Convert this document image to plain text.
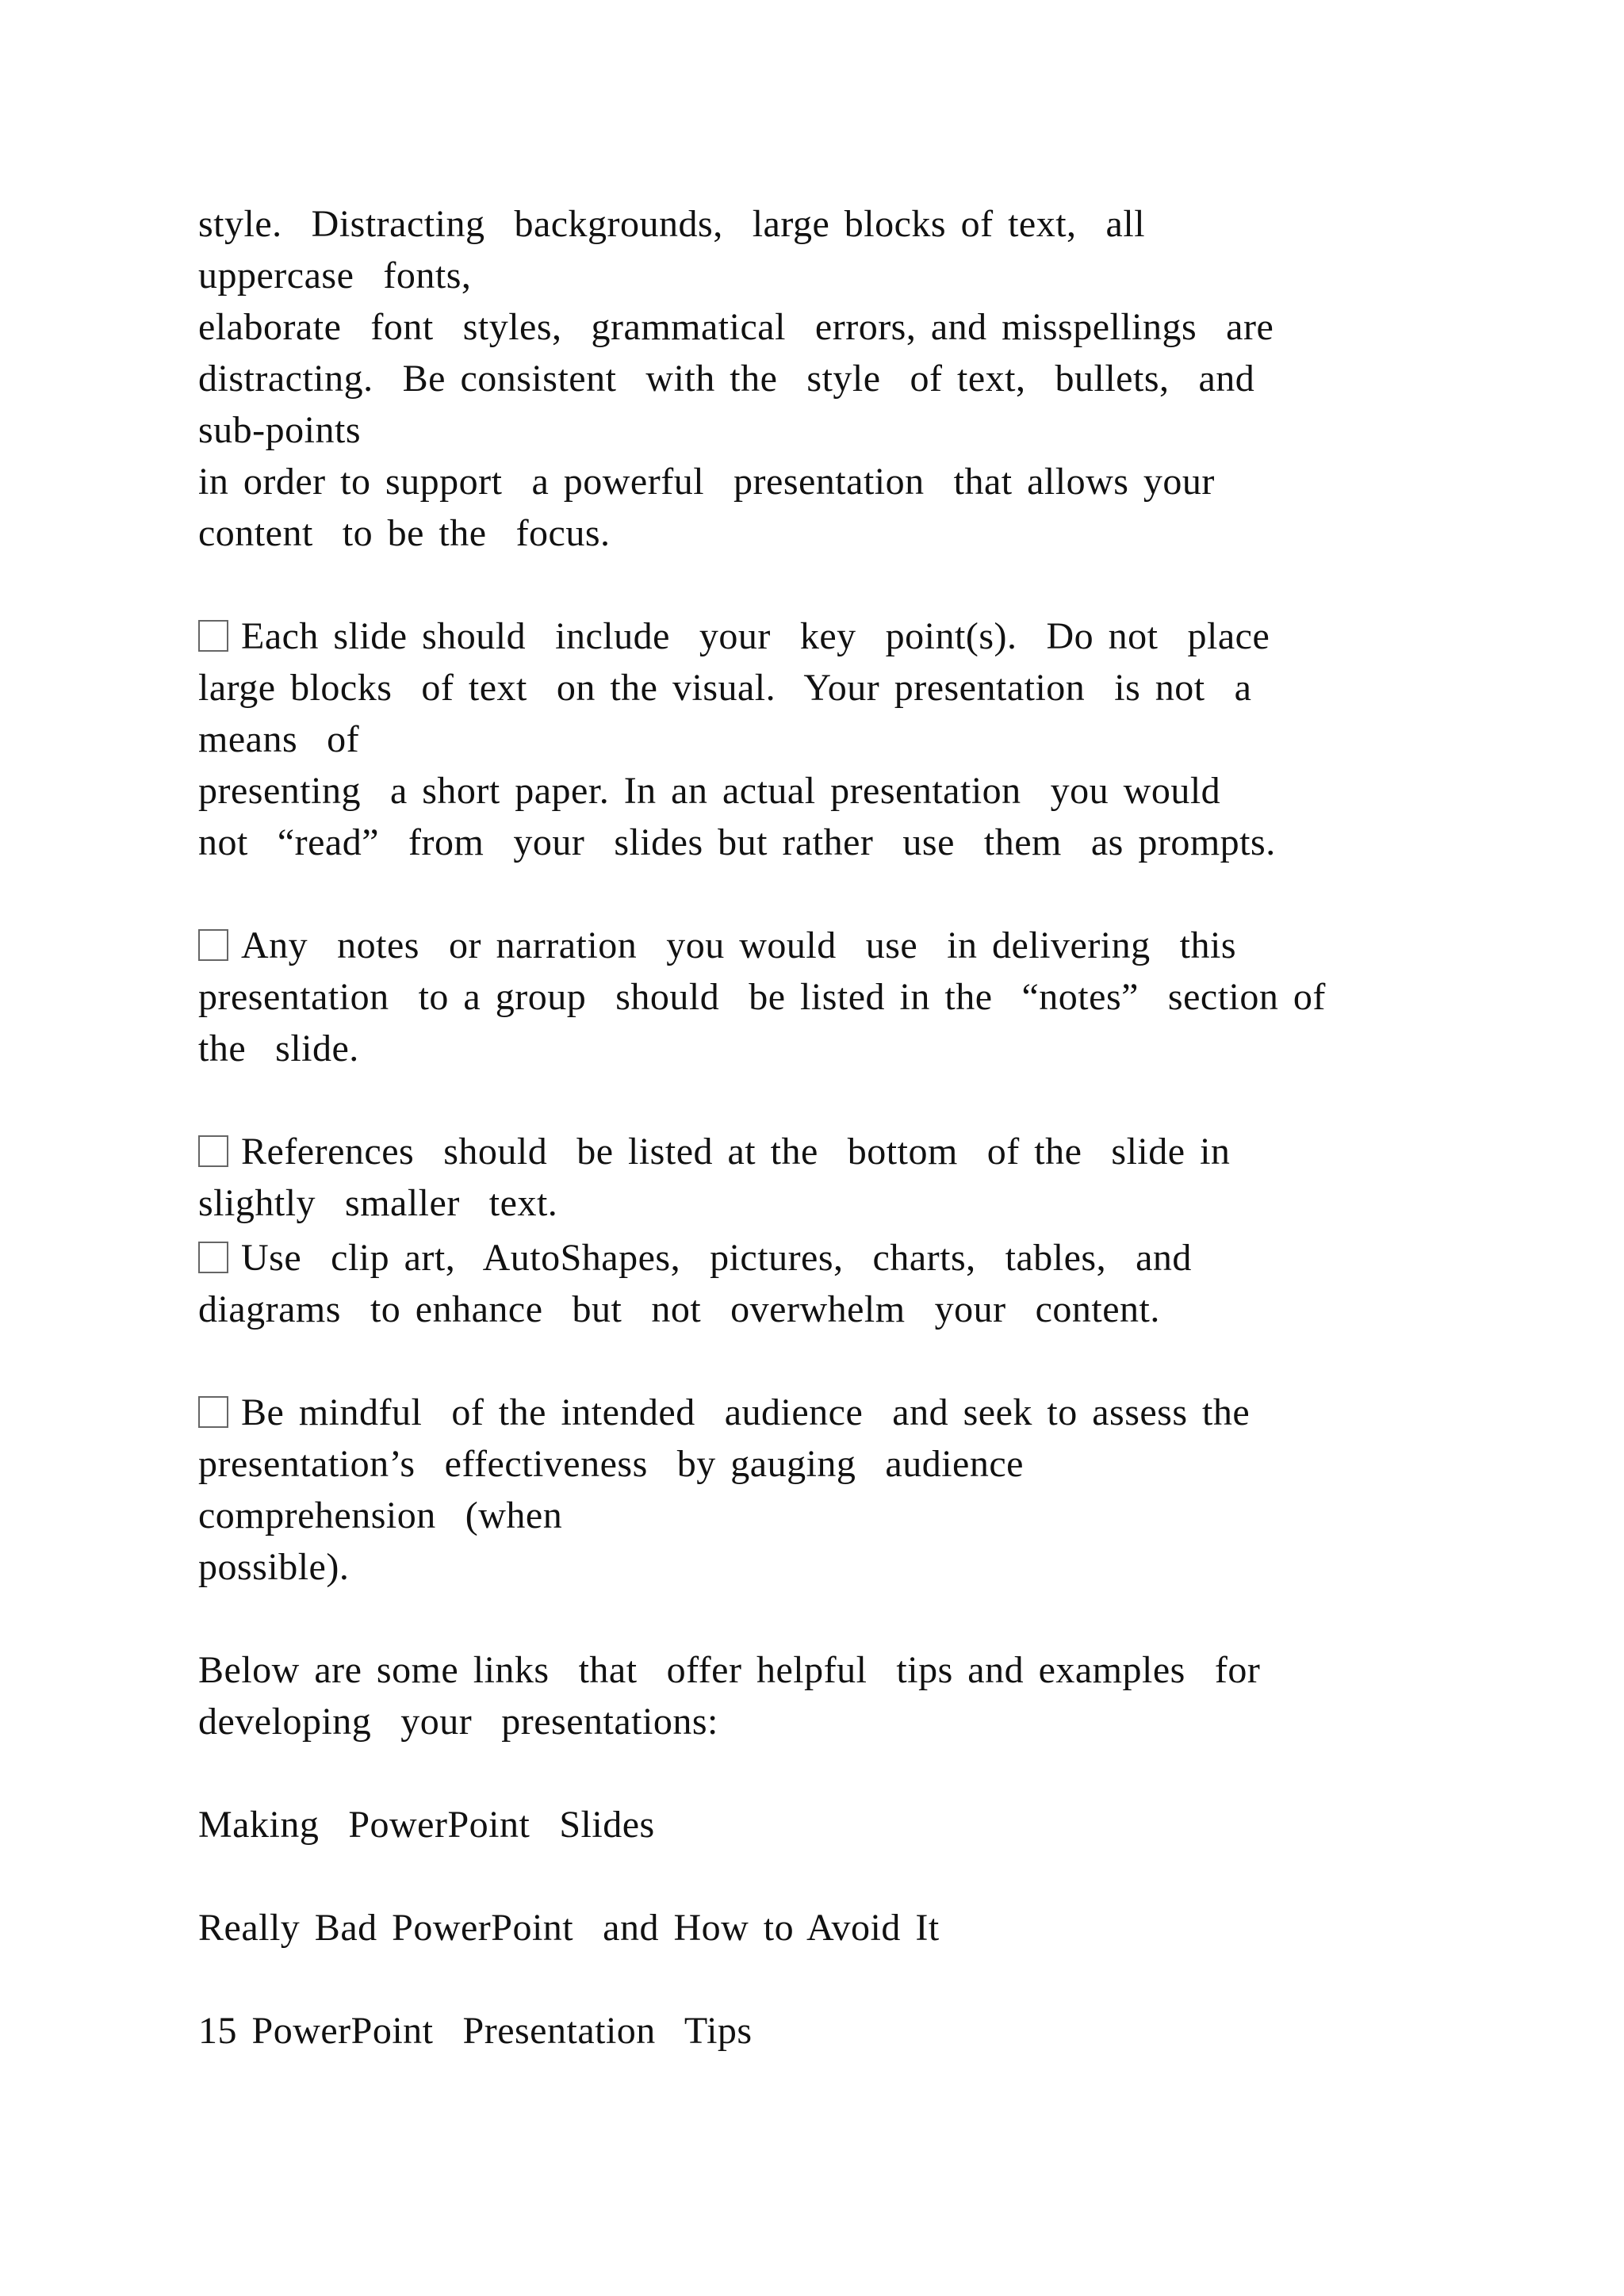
style.  Distracting  backgrounds,  large blocks of text,  all
uppercase  fonts,
elaborate  font  styles,  grammatical  errors, and misspellings  are
distracting.  Be consistent  with the  style  of text,  bullets,  and
sub-points
in order to support  a powerful  presentation  that allows your
content  to be the  focus.
Each slide should  include  your  key  point(s).  Do not  place
large blocks  of text  on the visual.  Your presentation  is not  a
means  of
presenting  a short paper. In an actual presentation  you would
not  “read”  from  your  slides but rather  use  them  as prompts.
Any  notes  or narration  you would  use  in delivering  this
presentation  to a group  should  be listed in the  “notes”  section of
the  slide.
References  should  be listed at the  bottom  of the  slide in
slightly  smaller  text.
Use  clip art,  AutoShapes,  pictures,  charts,  tables,  and
diagrams  to enhance  but  not  overwhelm  your  content.
Be mindful  of the intended  audience  and seek to assess the
presentation’s  effectiveness  by gauging  audience
comprehension  (when
possible).
Below are some links  that  offer helpful  tips and examples  for
developing  your  presentations:
Making  PowerPoint  Slides
Really Bad PowerPoint  and How to Avoid It
15 PowerPoint  Presentation  Tips
